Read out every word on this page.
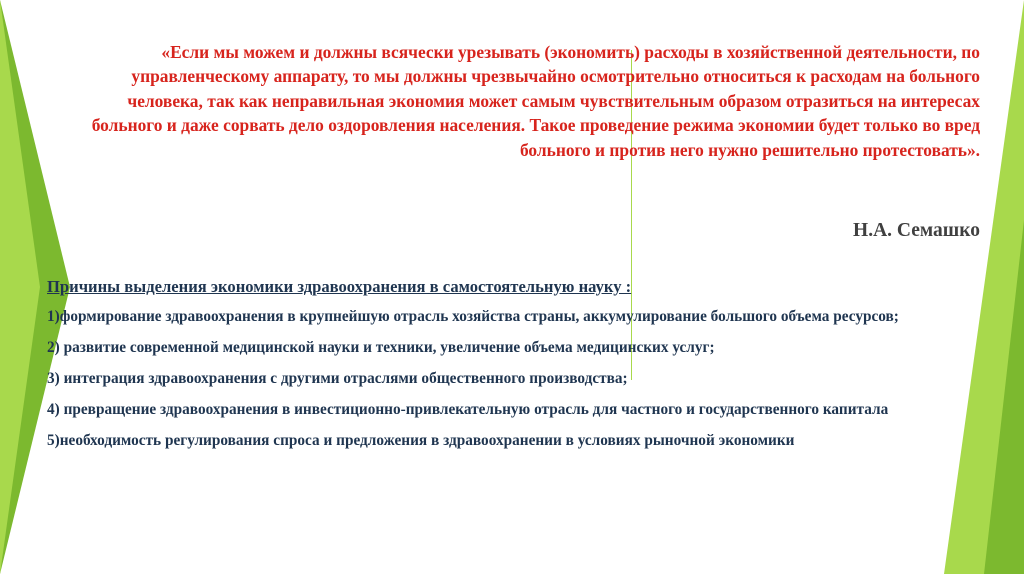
«Если мы можем и должны всячески урезывать (экономить) расходы в хозяйственной деятельности, по управленческому аппарату, то мы должны чрезвычайно осмотрительно относиться к расходам на больного человека, так как неправильная экономия может самым чувствительным образом отразиться на интересах больного и даже сорвать дело оздоровления населения. Такое проведение режима экономии будет только во вред больного и против него нужно решительно протестовать».

Н.А. Семашко

Причины выделения экономики здравоохранения в самостоятельную науку :

1)формирование здравоохранения в крупнейшую отрасль хозяйства страны, аккумулирование большого объема ресурсов;
2) развитие современной медицинской науки и техники, увеличение объема медицинских услуг;
3) интеграция здравоохранения с другими отраслями общественного производства;
4) превращение здравоохранения в инвестиционно-привлекательную отрасль для частного и государственного капитала
5)необходимость регулирования спроса и предложения в здравоохранении в условиях рыночной экономики
